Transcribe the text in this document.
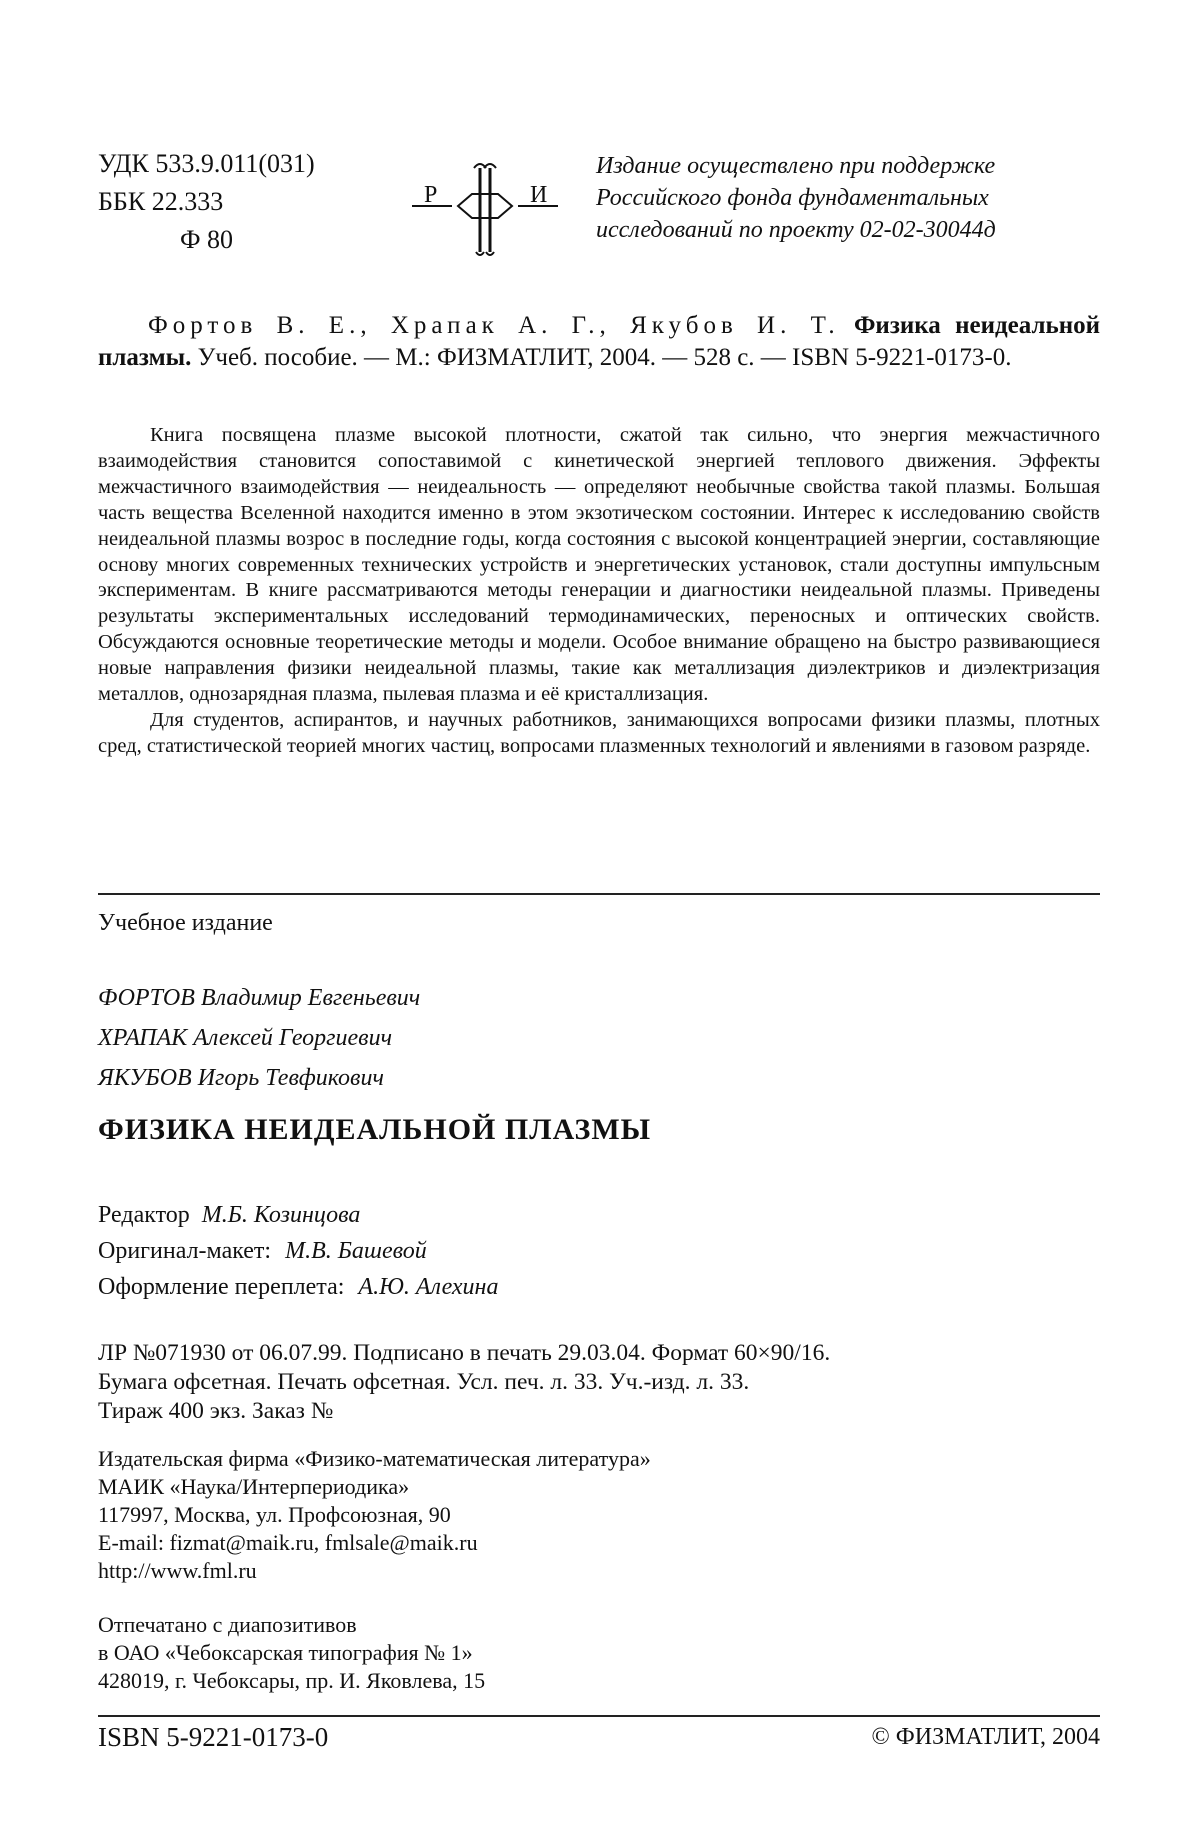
УДК 533.9.011(031)
ББК 22.333
Ф 80
Р	И
Издание осуществлено при поддержке
Российского фонда фундаментальных
исследований по проекту 02-02-30044д
Фортов В. Е., Храпак А. Г., Якубов И. Т. Физика неидеальной плазмы. Учеб. пособие. — М.: ФИЗМАТЛИТ, 2004. — 528 с. — ISBN 5-9221-0173-0.

Книга посвящена плазме высокой плотности, сжатой так сильно, что энергия межчастичного взаимодействия становится сопоставимой с кинетической энергией теплового движения. Эффекты межчастичного взаимодействия — неидеальность — определяют необычные свойства такой плазмы. Большая часть вещества Вселенной находится именно в этом экзотическом состоянии. Интерес к исследованию свойств неидеальной плазмы возрос в последние годы, когда состояния с высокой концентрацией энергии, составляющие основу многих современных технических устройств и энергетических установок, стали доступны импульсным экспериментам. В книге рассматриваются методы генерации и диагностики неидеальной плазмы. Приведены результаты экспериментальных исследований термодинамических, переносных и оптических свойств. Обсуждаются основные теоретические методы и модели. Особое внимание обращено на быстро развивающиеся новые направления физики неидеальной плазмы, такие как металлизация диэлектриков и диэлектризация металлов, однозарядная плазма, пылевая плазма и её кристаллизация.

Для студентов, аспирантов, и научных работников, занимающихся вопросами физики плазмы, плотных сред, статистической теорией многих частиц, вопросами плазменных технологий и явлениями в газовом разряде.

Учебное издание
ФОРТОВ Владимир Евгеньевич
ХРАПАК Алексей Георгиевич
ЯКУБОВ Игорь Тевфикович
ФИЗИКА НЕИДЕАЛЬНОЙ ПЛАЗМЫ
Редактор М.Б. Козинцова
Оригинал-макет: М.В. Башевой
Оформление переплета: А.Ю. Алехина
ЛР №071930 от 06.07.99. Подписано в печать 29.03.04. Формат 60×90/16.
Бумага офсетная. Печать офсетная. Усл. печ. л. 33. Уч.-изд. л. 33.
Тираж 400 экз. Заказ №
Издательская фирма «Физико-математическая литература»
МАИК «Наука/Интерпериодика»
117997, Москва, ул. Профсоюзная, 90
E-mail: fizmat@maik.ru, fmlsale@maik.ru
http://www.fml.ru
Отпечатано с диапозитивов
в ОАО «Чебоксарская типография № 1»
428019, г. Чебоксары, пр. И. Яковлева, 15
ISBN 5-9221-0173-0	© ФИЗМАТЛИТ, 2004
